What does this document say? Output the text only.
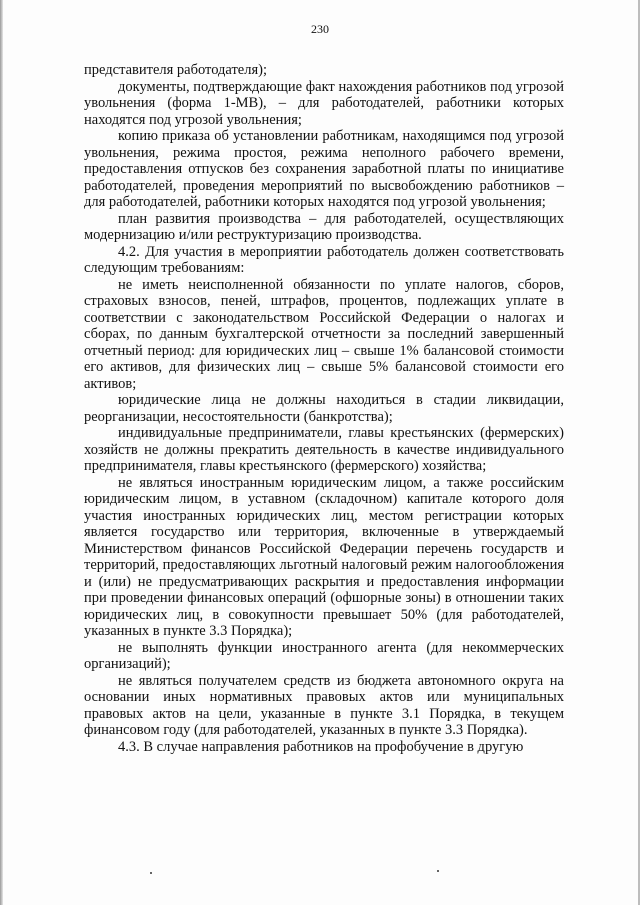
230

представителя работодателя);

документы, подтверждающие факт нахождения работников под угрозой увольнения (форма 1-МВ), – для работодателей, работники которых находятся под угрозой увольнения;

копию приказа об установлении работникам, находящимся под угрозой увольнения, режима простоя, режима неполного рабочего времени, предоставления отпусков без сохранения заработной платы по инициативе работодателей, проведения мероприятий по высвобождению работников –для работодателей, работники которых находятся под угрозой увольнения;

план развития производства – для работодателей, осуществляющих модернизацию и/или реструктуризацию производства.

4.2. Для участия в мероприятии работодатель должен соответствовать следующим требованиям:

не иметь неисполненной обязанности по уплате налогов, сборов, страховых взносов, пеней, штрафов, процентов, подлежащих уплате в соответствии с законодательством Российской Федерации о налогах и сборах, по данным бухгалтерской отчетности за последний завершенный отчетный период: для юридических лиц – свыше 1% балансовой стоимости его активов, для физических лиц – свыше 5% балансовой стоимости его активов;

юридические лица не должны находиться в стадии ликвидации, реорганизации, несостоятельности (банкротства);

индивидуальные предприниматели, главы крестьянских (фермерских) хозяйств не должны прекратить деятельность в качестве индивидуального предпринимателя, главы крестьянского (фермерского) хозяйства;

не являться иностранным юридическим лицом, а также российским юридическим лицом, в уставном (складочном) капитале которого доля участия иностранных юридических лиц, местом регистрации которых является государство или территория, включенные в утверждаемый Министерством финансов Российской Федерации перечень государств и территорий, предоставляющих льготный налоговый режим налогообложения и (или) не предусматривающих раскрытия и предоставления информации при проведении финансовых операций (офшорные зоны) в отношении таких юридических лиц, в совокупности превышает 50% (для работодателей, указанных в пункте 3.3 Порядка);

не выполнять функции иностранного агента (для некоммерческих организаций);

не являться получателем средств из бюджета автономного округа на основании иных нормативных правовых актов или муниципальных правовых актов на цели, указанные в пункте 3.1 Порядка, в текущем финансовом году (для работодателей, указанных в пункте 3.3 Порядка).

4.3. В случае направления работников на профобучение в другую
